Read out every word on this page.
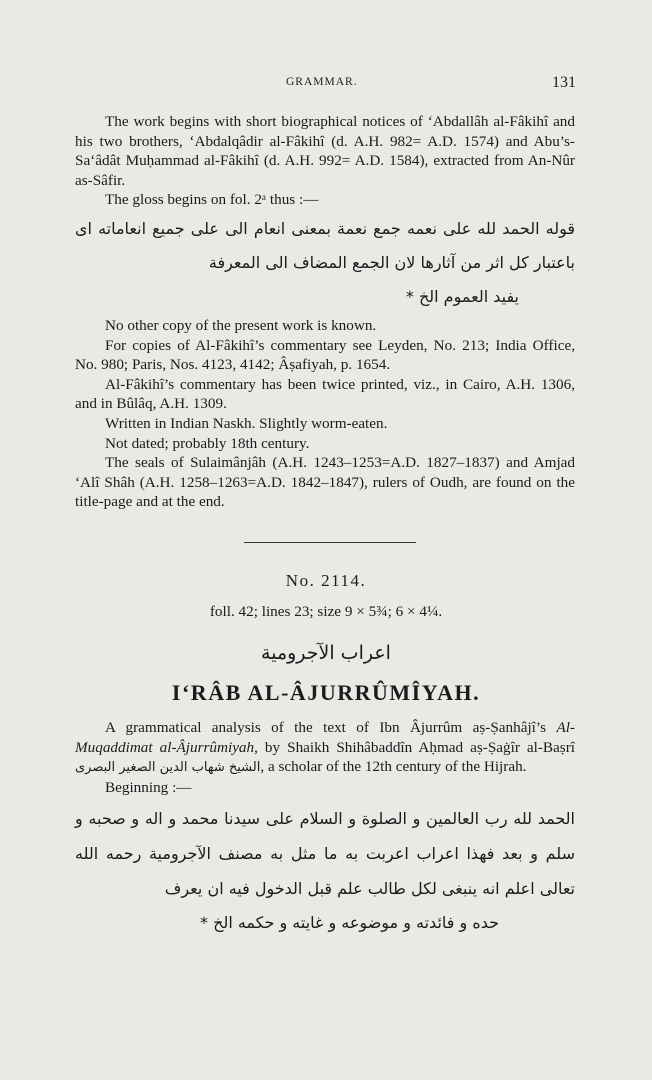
GRAMMAR.	131

The work begins with short biographical notices of ‘Abdallâh al-Fâkihî and his two brothers, ‘Abdalqâdir al-Fâkihî (d. A.H. 982= A.D. 1574) and Abu’s-Sa‘âdât Muḥammad al-Fâkihî (d. A.H. 992= A.D. 1584), extracted from An-Nûr as-Sâfir.

The gloss begins on fol. 2ᵃ thus :—

قوله الحمد لله على نعمه جمع نعمة بمعنى انعام الى على جميع انعاماته اى باعتبار كل اثر من آثارها لان الجمع المضاف الى المعرفة

يفيد العموم الخ *

No other copy of the present work is known.

For copies of Al-Fâkihî’s commentary see Leyden, No. 213; India Office, No. 980; Paris, Nos. 4123, 4142; Âṣafiyah, p. 1654.

Al-Fâkihî’s commentary has been twice printed, viz., in Cairo, A.H. 1306, and in Bûlâq, A.H. 1309.

Written in Indian Naskh. Slightly worm-eaten.

Not dated; probably 18th century.

The seals of Sulaimânjâh (A.H. 1243–1253=A.D. 1827–1837) and Amjad ‘Alî Shâh (A.H. 1258–1263=A.D. 1842–1847), rulers of Oudh, are found on the title-page and at the end.

No. 2114.
foll. 42; lines 23; size 9 × 5¾; 6 × 4¼.
اعراب الآجرومية
I‘RÂB AL-ÂJURRÛMÎYAH.

A grammatical analysis of the text of Ibn Âjurrûm aṣ-Ṣanhâjî’s Al-Muqaddimat al-Âjurrûmiyah, by Shaikh Shihâbaddîn Aḥmad aṣ-Ṣaġîr al-Baṣrî الشيخ شهاب الدين الصغير البصرى, a scholar of the 12th century of the Hijrah.

Beginning :—

الحمد لله رب العالمين و الصلوة و السلام على سيدنا محمد و اله و صحبه و سلم و بعد فهذا اعراب اعربت به ما مثل به مصنف الآجرومية رحمه الله تعالى اعلم انه ينبغى لكل طالب علم قبل الدخول فيه ان يعرف

حده و فائدته و موضوعه و غايته و حكمه الخ *
